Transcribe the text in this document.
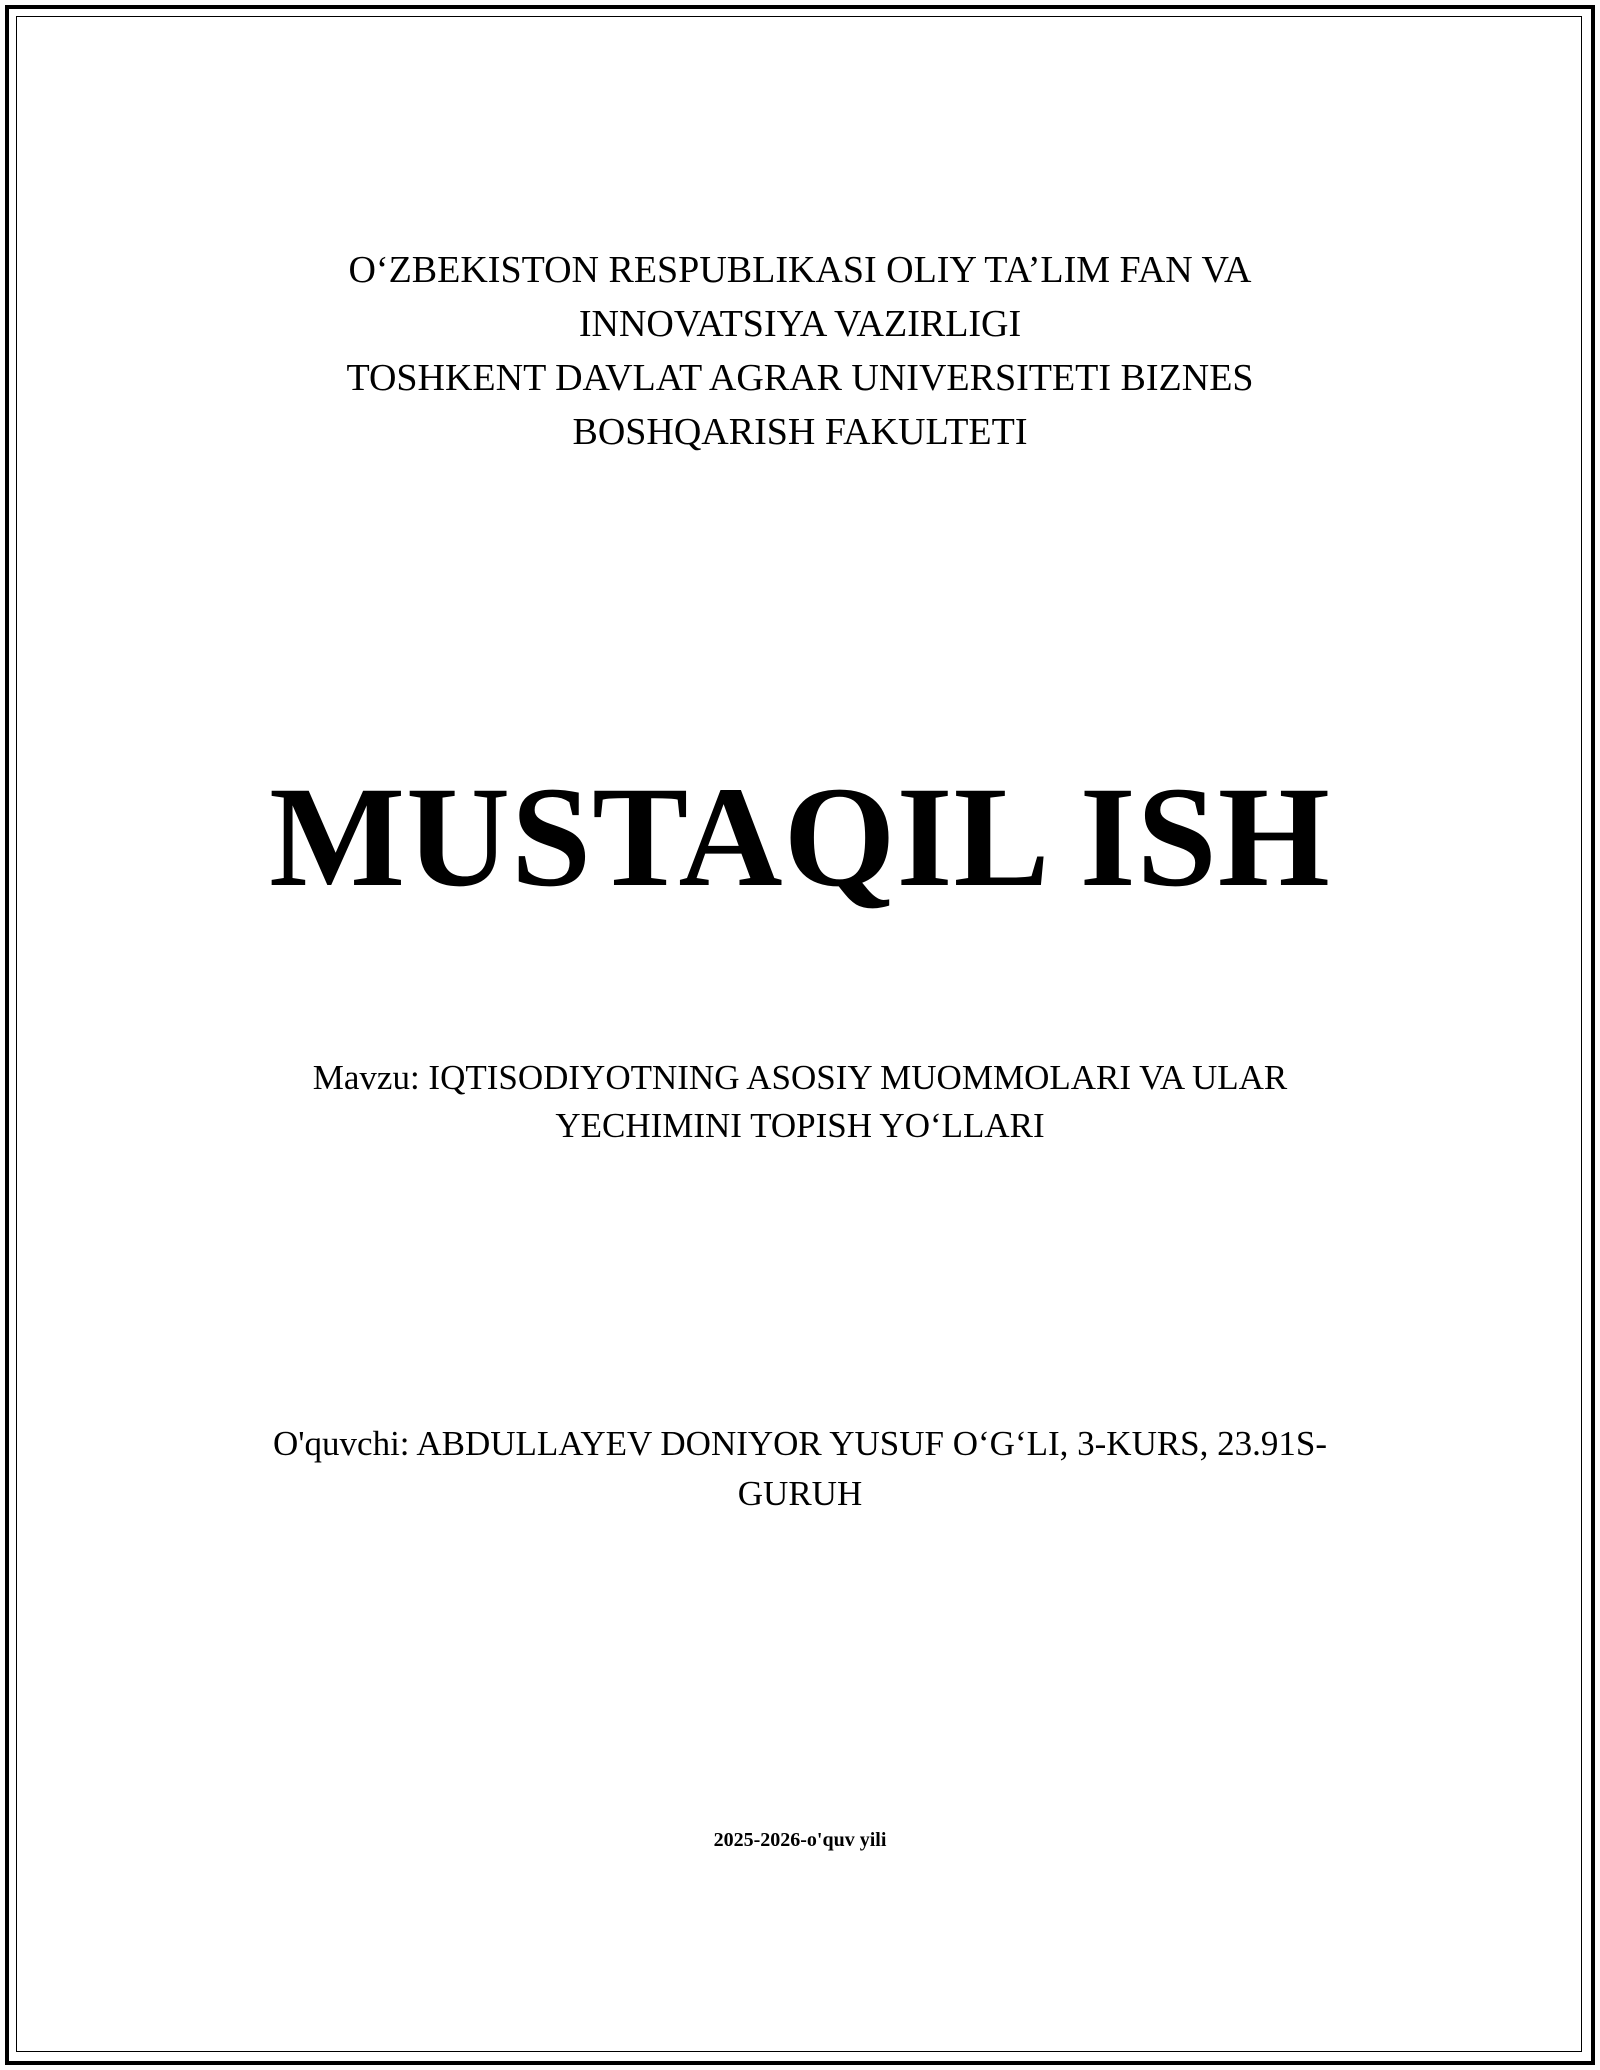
O‘ZBEKISTON RESPUBLIKASI OLIY TA’LIM FAN VA
INNOVATSIYA VAZIRLIGI
TOSHKENT DAVLAT AGRAR UNIVERSITETI BIZNES
BOSHQARISH FAKULTETI
MUSTAQIL ISH
Mavzu: IQTISODIYOTNING ASOSIY MUOMMOLARI VA ULAR
YECHIMINI TOPISH YO‘LLARI
O'quvchi: ABDULLAYEV DONIYOR YUSUF O‘G‘LI, 3-KURS, 23.91S-
GURUH
2025-2026-o'quv yili
